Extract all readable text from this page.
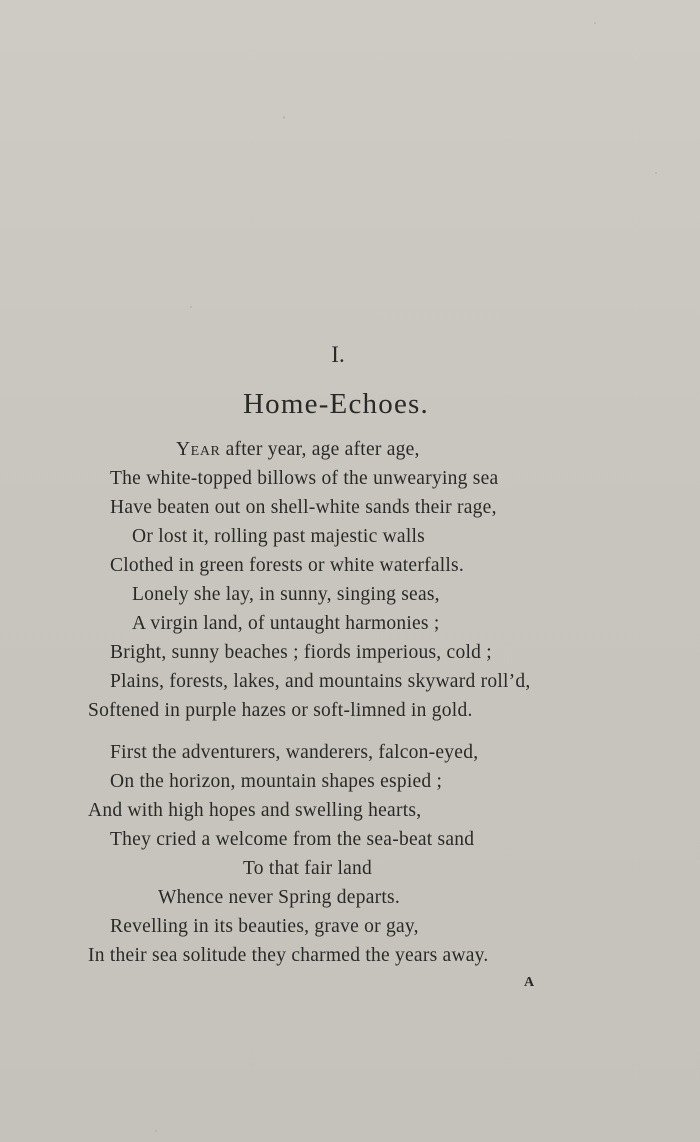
I.
Home-Echoes.
Year after year, age after age,
The white-topped billows of the unwearying sea
Have beaten out on shell-white sands their rage,
Or lost it, rolling past majestic walls
Clothed in green forests or white waterfalls.
Lonely she lay, in sunny, singing seas,
A virgin land, of untaught harmonies ;
Bright, sunny beaches ; fiords imperious, cold ;
Plains, forests, lakes, and mountains skyward roll’d,
Softened in purple hazes or soft-limned in gold.
First the adventurers, wanderers, falcon-eyed,
On the horizon, mountain shapes espied ;
And with high hopes and swelling hearts,
They cried a welcome from the sea-beat sand
To that fair land
Whence never Spring departs.
Revelling in its beauties, grave or gay,
In their sea solitude they charmed the years away.
A
